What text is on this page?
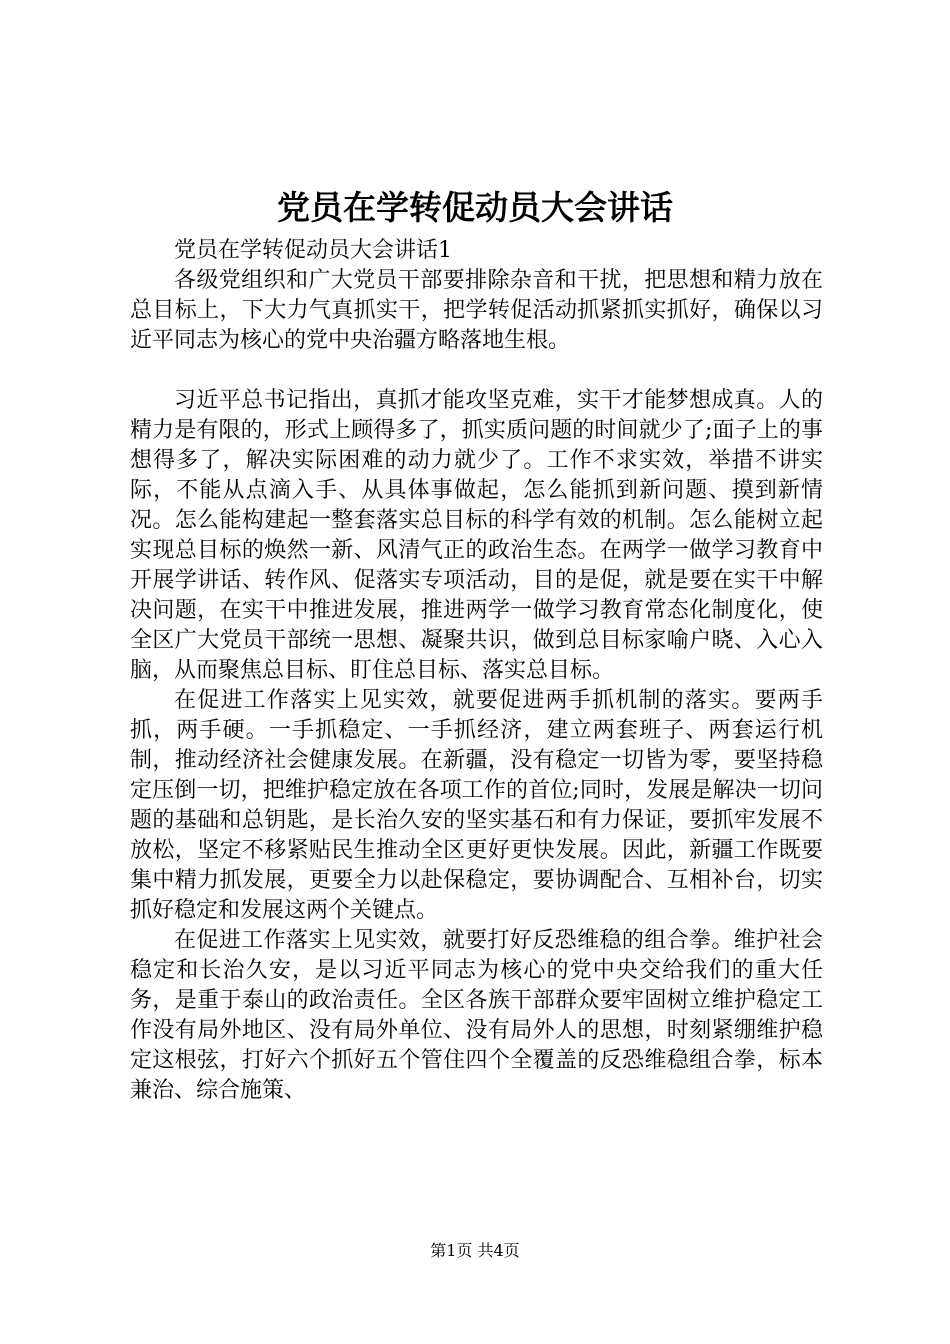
党员在学转促动员大会讲话

党员在学转促动员大会讲话1

各级党组织和广大党员干部要排除杂音和干扰，把思想和精力放在总目标上，下大力气真抓实干，把学转促活动抓紧抓实抓好，确保以习近平同志为核心的党中央治疆方略落地生根。

习近平总书记指出，真抓才能攻坚克难，实干才能梦想成真。人的精力是有限的，形式上顾得多了，抓实质问题的时间就少了;面子上的事想得多了，解决实际困难的动力就少了。工作不求实效，举措不讲实际，不能从点滴入手、从具体事做起，怎么能抓到新问题、摸到新情况。怎么能构建起一整套落实总目标的科学有效的机制。怎么能树立起实现总目标的焕然一新、风清气正的政治生态。在两学一做学习教育中开展学讲话、转作风、促落实专项活动，目的是促，就是要在实干中解决问题，在实干中推进发展，推进两学一做学习教育常态化制度化，使全区广大党员干部统一思想、凝聚共识，做到总目标家喻户晓、入心入脑，从而聚焦总目标、盯住总目标、落实总目标。

在促进工作落实上见实效，就要促进两手抓机制的落实。要两手抓，两手硬。一手抓稳定、一手抓经济，建立两套班子、两套运行机制，推动经济社会健康发展。在新疆，没有稳定一切皆为零，要坚持稳定压倒一切，把维护稳定放在各项工作的首位;同时，发展是解决一切问题的基础和总钥匙，是长治久安的坚实基石和有力保证，要抓牢发展不放松，坚定不移紧贴民生推动全区更好更快发展。因此，新疆工作既要集中精力抓发展，更要全力以赴保稳定，要协调配合、互相补台，切实抓好稳定和发展这两个关键点。

在促进工作落实上见实效，就要打好反恐维稳的组合拳。维护社会稳定和长治久安，是以习近平同志为核心的党中央交给我们的重大任务，是重于泰山的政治责任。全区各族干部群众要牢固树立维护稳定工作没有局外地区、没有局外单位、没有局外人的思想，时刻紧绷维护稳定这根弦，打好六个抓好五个管住四个全覆盖的反恐维稳组合拳，标本兼治、综合施策、

第1页 共4页
